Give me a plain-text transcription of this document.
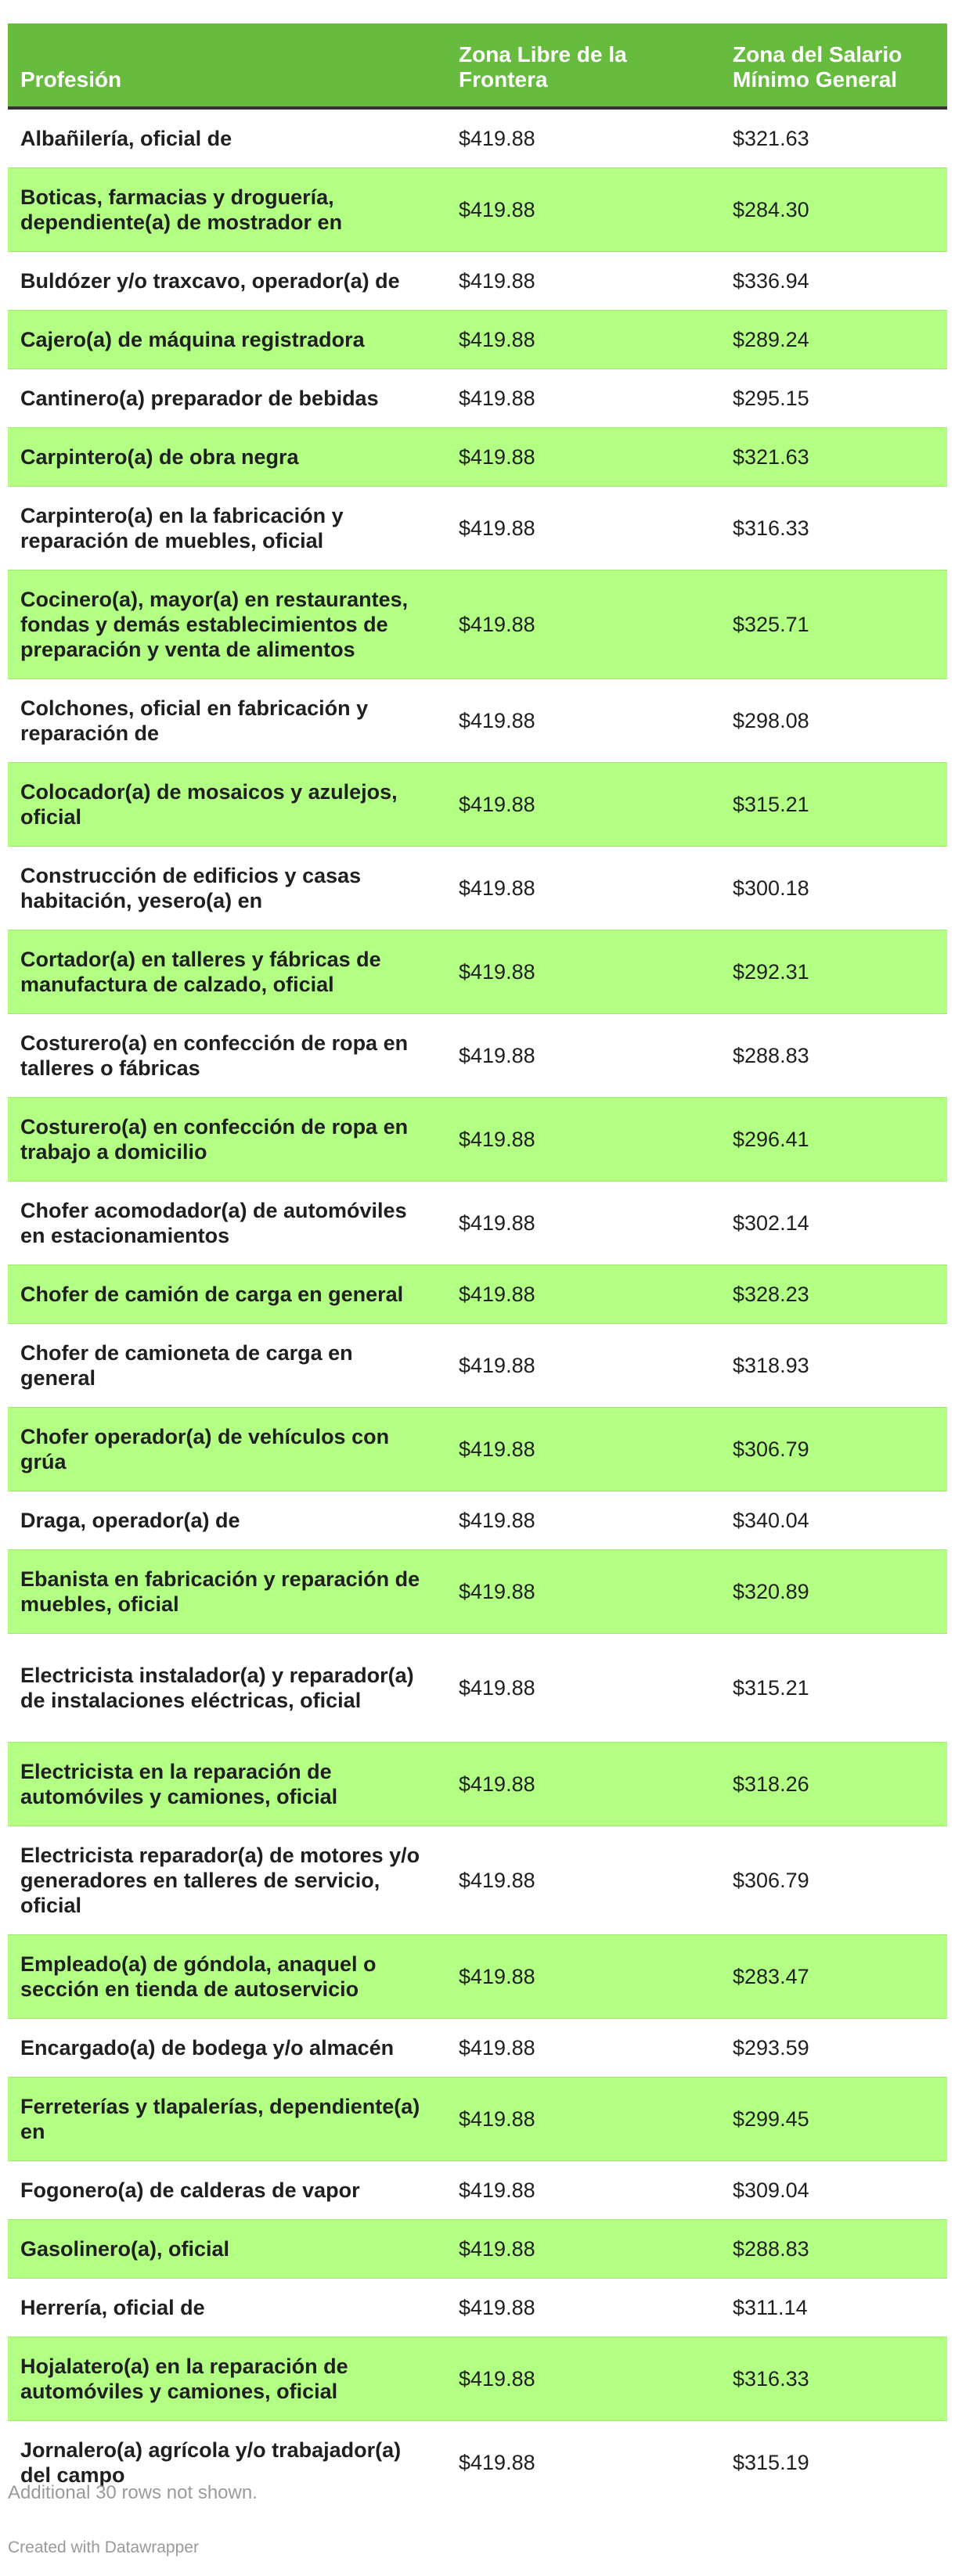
Profesión	Zona Libre de la Frontera	Zona del Salario Mínimo General
Albañilería, oficial de	$419.88	$321.63
Boticas, farmacias y droguería, dependiente(a) de mostrador en	$419.88	$284.30
Buldózer y/o traxcavo, operador(a) de	$419.88	$336.94
Cajero(a) de máquina registradora	$419.88	$289.24
Cantinero(a) preparador de bebidas	$419.88	$295.15
Carpintero(a) de obra negra	$419.88	$321.63
Carpintero(a) en la fabricación y reparación de muebles, oficial	$419.88	$316.33
Cocinero(a), mayor(a) en restaurantes, fondas y demás establecimientos de preparación y venta de alimentos	$419.88	$325.71
Colchones, oficial en fabricación y reparación de	$419.88	$298.08
Colocador(a) de mosaicos y azulejos, oficial	$419.88	$315.21
Construcción de edificios y casas habitación, yesero(a) en	$419.88	$300.18
Cortador(a) en talleres y fábricas de manufactura de calzado, oficial	$419.88	$292.31
Costurero(a) en confección de ropa en talleres o fábricas	$419.88	$288.83
Costurero(a) en confección de ropa en trabajo a domicilio	$419.88	$296.41
Chofer acomodador(a) de automóviles en estacionamientos	$419.88	$302.14
Chofer de camión de carga en general	$419.88	$328.23
Chofer de camioneta de carga en general	$419.88	$318.93
Chofer operador(a) de vehículos con grúa	$419.88	$306.79
Draga, operador(a) de	$419.88	$340.04
Ebanista en fabricación y reparación de muebles, oficial	$419.88	$320.89
Electricista instalador(a) y reparador(a) de instalaciones eléctricas, oficial	$419.88	$315.21
Electricista en la reparación de automóviles y camiones, oficial	$419.88	$318.26
Electricista reparador(a) de motores y/o generadores en talleres de servicio, oficial	$419.88	$306.79
Empleado(a) de góndola, anaquel o sección en tienda de autoservicio	$419.88	$283.47
Encargado(a) de bodega y/o almacén	$419.88	$293.59
Ferreterías y tlapalerías, dependiente(a) en	$419.88	$299.45
Fogonero(a) de calderas de vapor	$419.88	$309.04
Gasolinero(a), oficial	$419.88	$288.83
Herrería, oficial de	$419.88	$311.14
Hojalatero(a) en la reparación de automóviles y camiones, oficial	$419.88	$316.33
Jornalero(a) agrícola y/o trabajador(a) del campo	$419.88	$315.19
Additional 30 rows not shown.
Created with Datawrapper
